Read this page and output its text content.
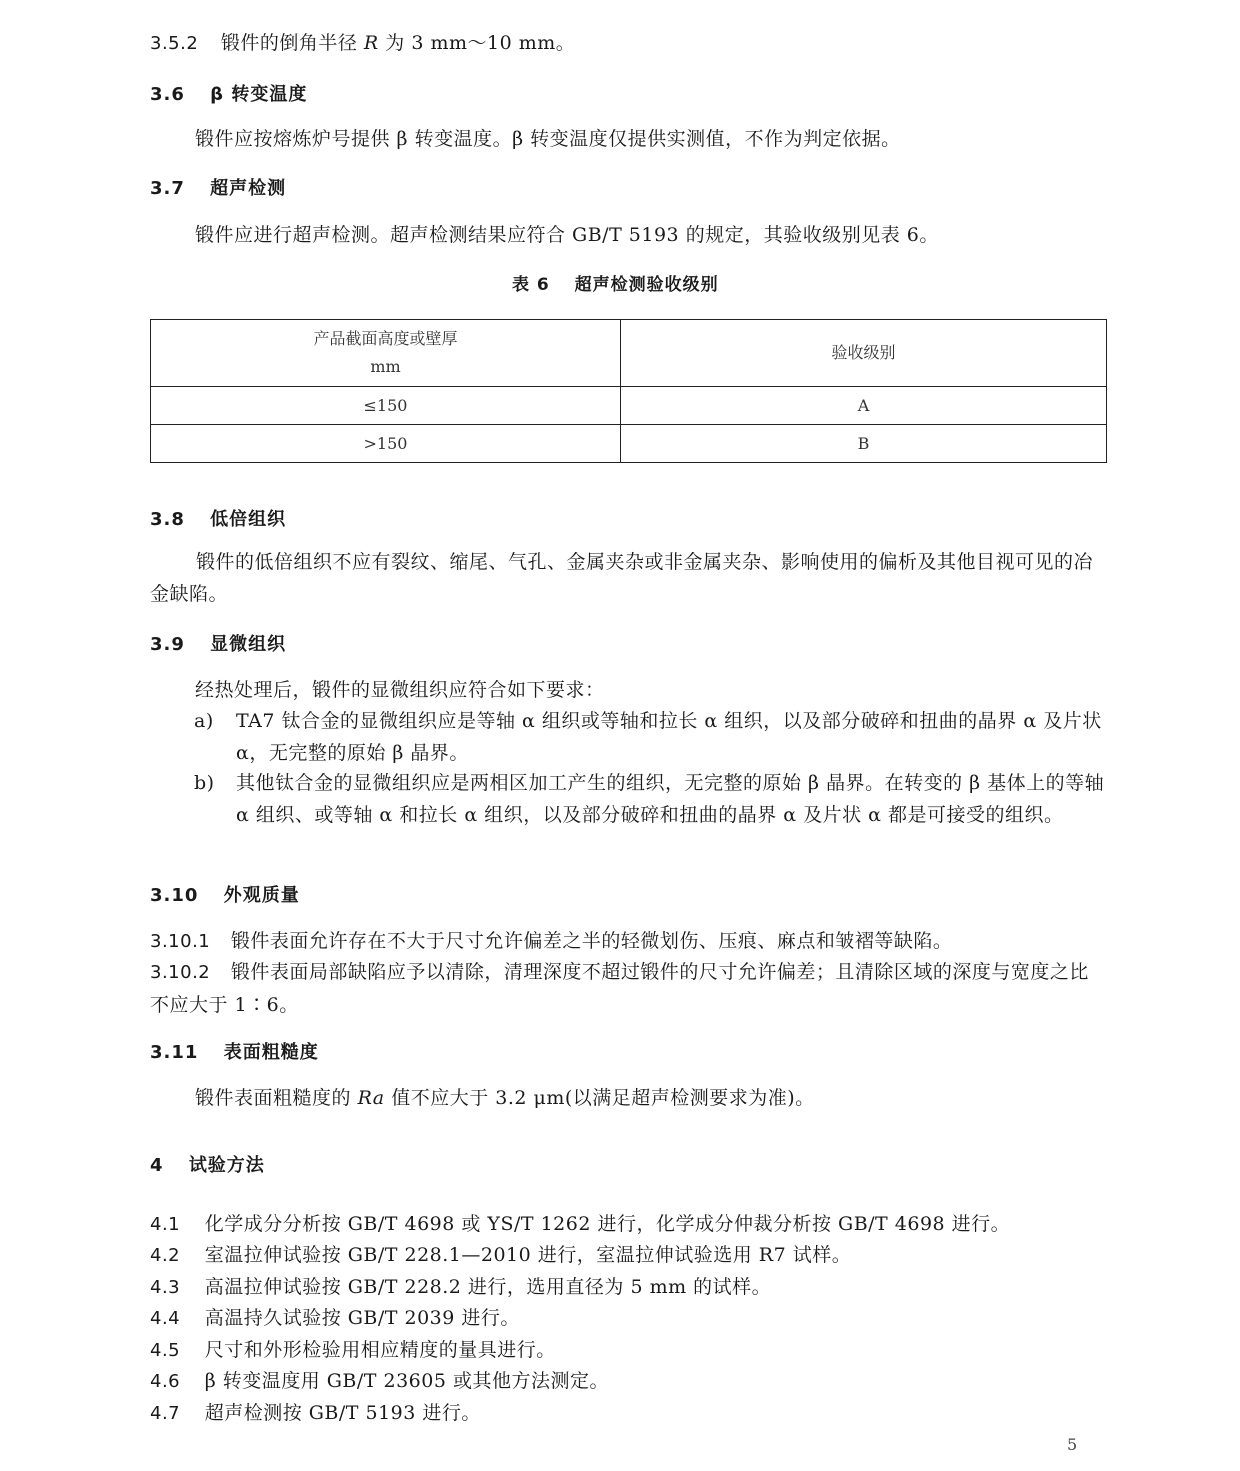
3.5.2 锻件的倒角半径 R 为 3 mm～10 mm。
3.6 β 转变温度
锻件应按熔炼炉号提供 β 转变温度。β 转变温度仅提供实测值，不作为判定依据。
3.7 超声检测
锻件应进行超声检测。超声检测结果应符合 GB/T 5193 的规定，其验收级别见表 6。
表 6 超声检测验收级别
产品截面高度或壁厚
mm	验收级别
≤150	A
>150	B
3.8 低倍组织
锻件的低倍组织不应有裂纹、缩尾、气孔、金属夹杂或非金属夹杂、影响使用的偏析及其他目视可见的冶金缺陷。
3.9 显微组织
经热处理后，锻件的显微组织应符合如下要求：
a) TA7 钛合金的显微组织应是等轴 α 组织或等轴和拉长 α 组织，以及部分破碎和扭曲的晶界 α 及片状 α，无完整的原始 β 晶界。
b) 其他钛合金的显微组织应是两相区加工产生的组织，无完整的原始 β 晶界。在转变的 β 基体上的等轴 α 组织、或等轴 α 和拉长 α 组织，以及部分破碎和扭曲的晶界 α 及片状 α 都是可接受的组织。
3.10 外观质量
3.10.1 锻件表面允许存在不大于尺寸允许偏差之半的轻微划伤、压痕、麻点和皱褶等缺陷。
3.10.2 锻件表面局部缺陷应予以清除，清理深度不超过锻件的尺寸允许偏差；且清除区域的深度与宽度之比不应大于 1∶6。
3.11 表面粗糙度
锻件表面粗糙度的 Ra 值不应大于 3.2 μm(以满足超声检测要求为准)。
4 试验方法
4.1 化学成分分析按 GB/T 4698 或 YS/T 1262 进行，化学成分仲裁分析按 GB/T 4698 进行。
4.2 室温拉伸试验按 GB/T 228.1—2010 进行，室温拉伸试验选用 R7 试样。
4.3 高温拉伸试验按 GB/T 228.2 进行，选用直径为 5 mm 的试样。
4.4 高温持久试验按 GB/T 2039 进行。
4.5 尺寸和外形检验用相应精度的量具进行。
4.6 β 转变温度用 GB/T 23605 或其他方法测定。
4.7 超声检测按 GB/T 5193 进行。
5
